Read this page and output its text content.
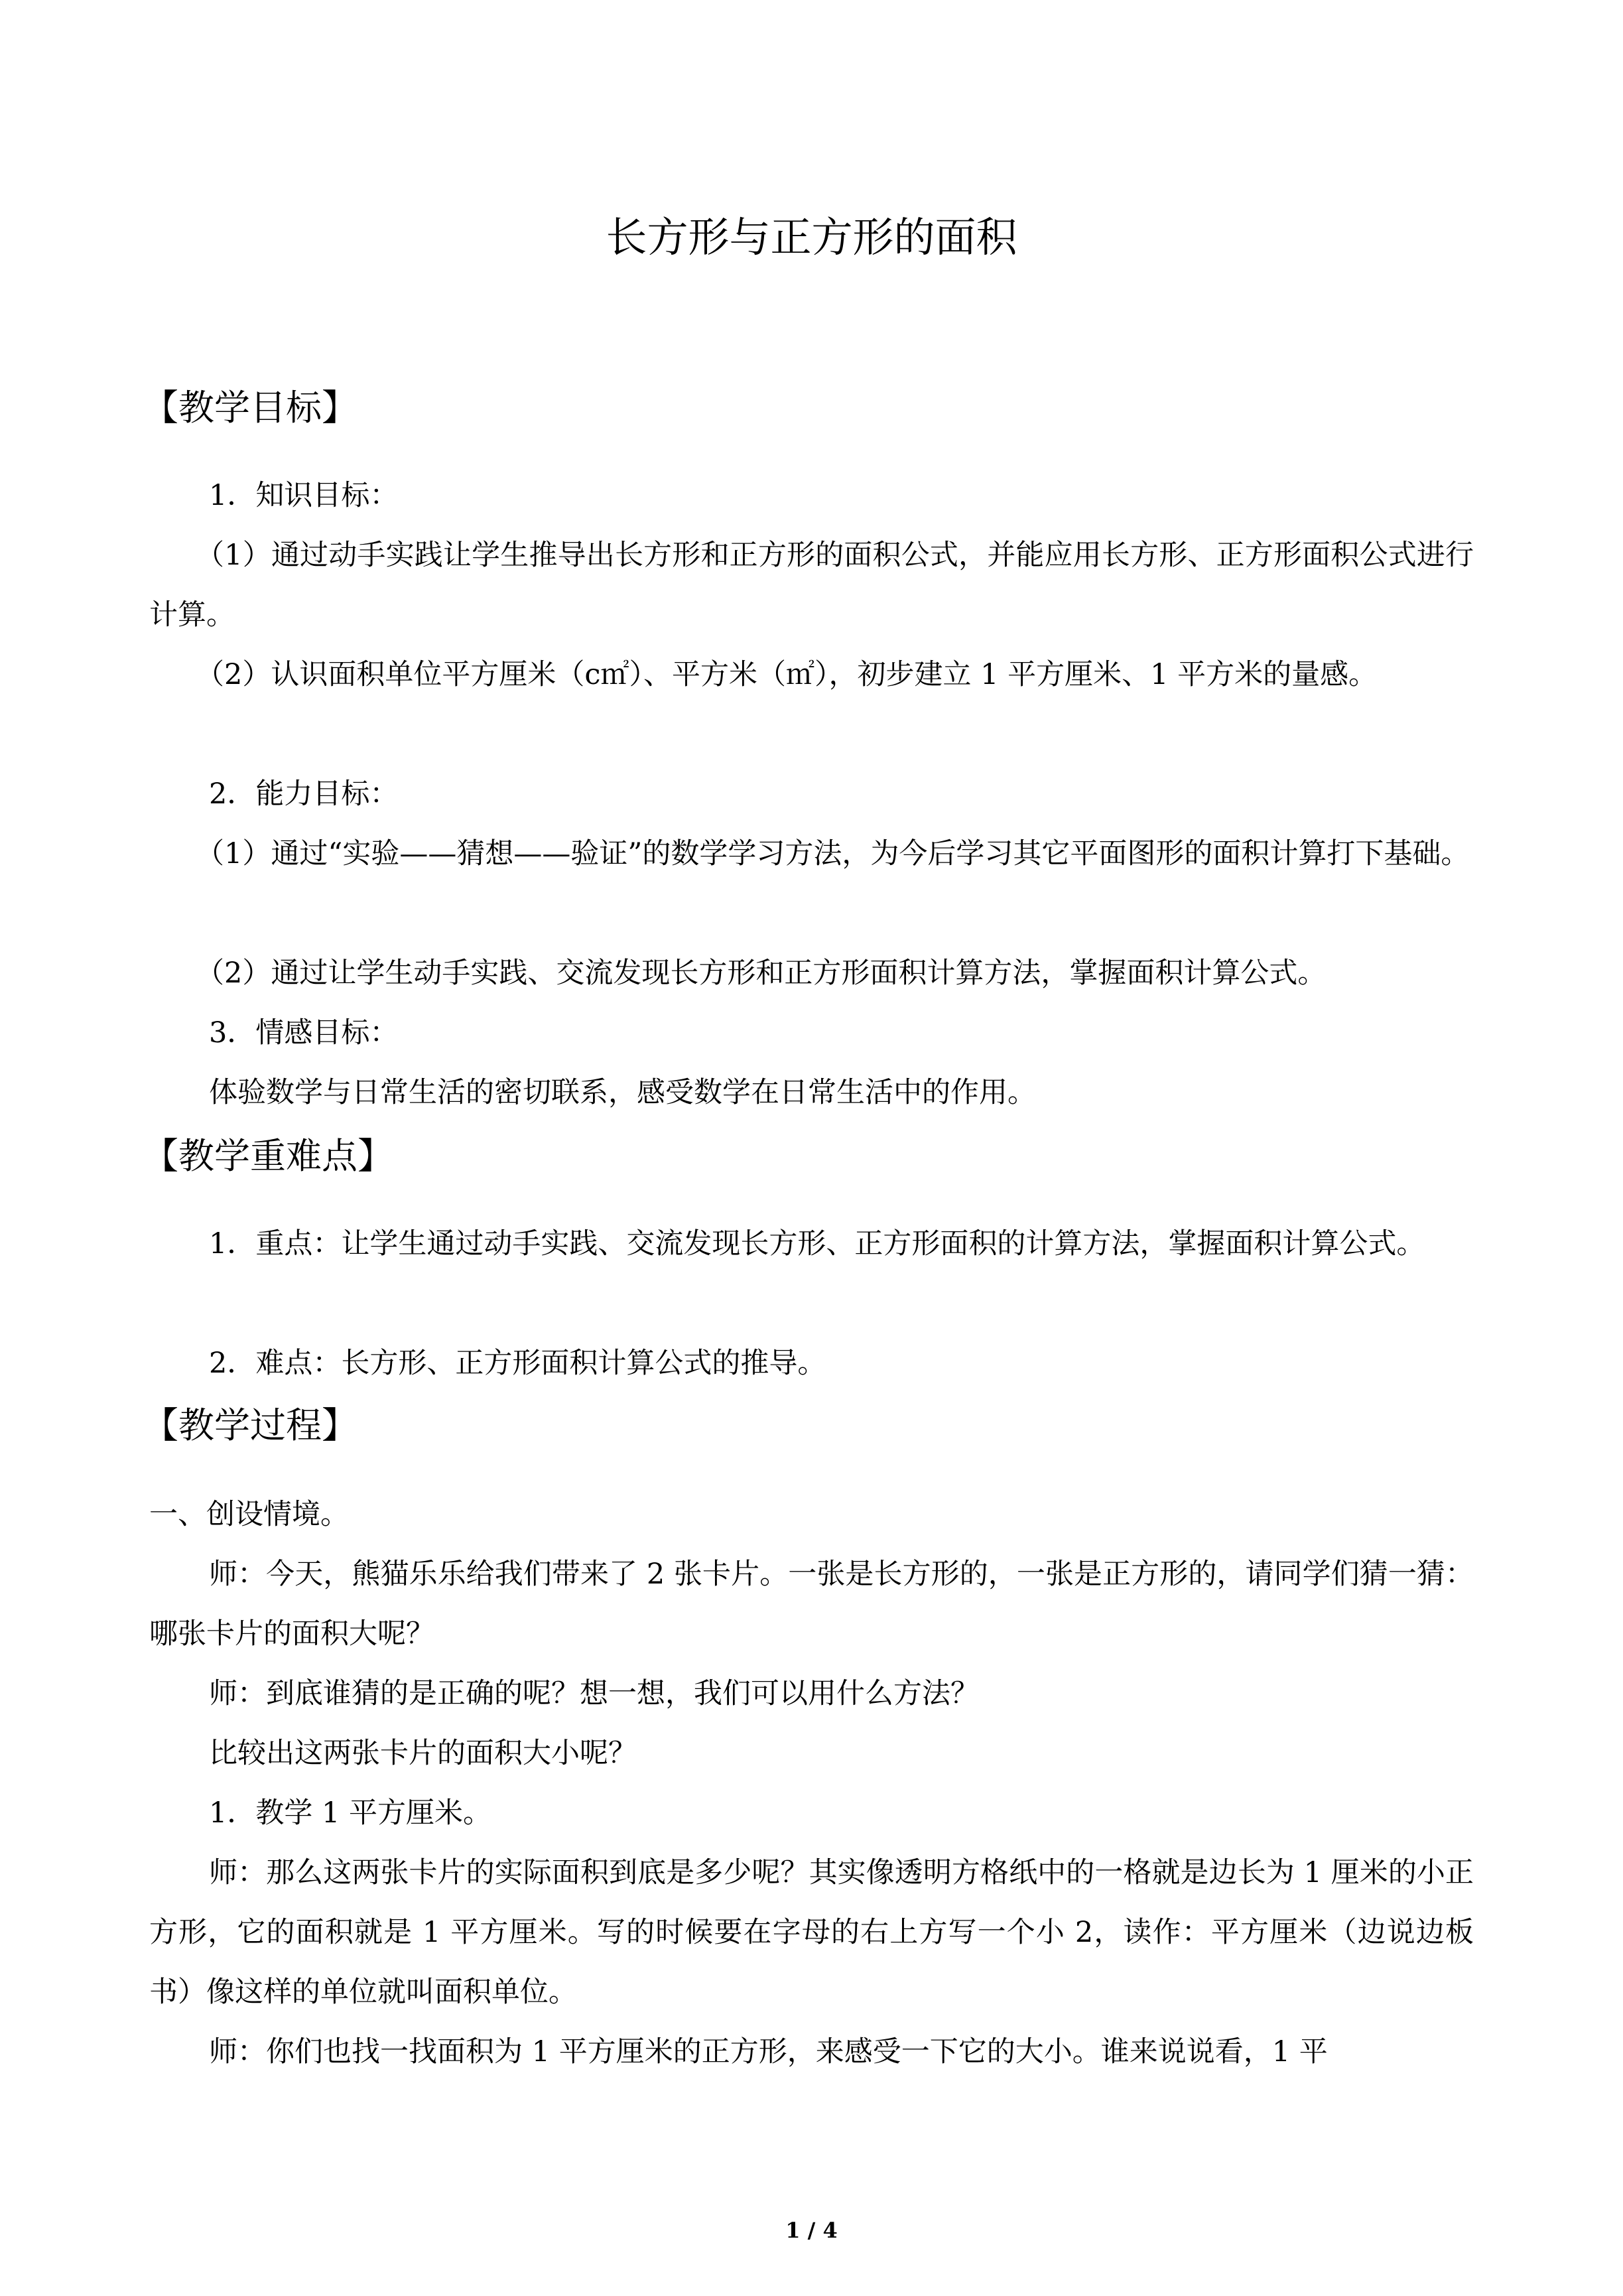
长方形与正方形的面积
【教学目标】
1．知识目标：
（1）通过动手实践让学生推导出长方形和正方形的面积公式，并能应用长方形、正方形面积公式进行计算。
（2）认识面积单位平方厘米（c㎡）、平方米（㎡），初步建立 1 平方厘米、1 平方米的量感。
2．能力目标：
（1）通过“实验——猜想——验证”的数学学习方法，为今后学习其它平面图形的面积计算打下基础。
（2）通过让学生动手实践、交流发现长方形和正方形面积计算方法，掌握面积计算公式。
3．情感目标：
体验数学与日常生活的密切联系，感受数学在日常生活中的作用。
【教学重难点】
1．重点：让学生通过动手实践、交流发现长方形、正方形面积的计算方法，掌握面积计算公式。
2．难点：长方形、正方形面积计算公式的推导。
【教学过程】
一、创设情境。
师：今天，熊猫乐乐给我们带来了 2 张卡片。一张是长方形的，一张是正方形的，请同学们猜一猜：哪张卡片的面积大呢？
师：到底谁猜的是正确的呢？想一想，我们可以用什么方法？
比较出这两张卡片的面积大小呢？
1．教学 1 平方厘米。
师：那么这两张卡片的实际面积到底是多少呢？其实像透明方格纸中的一格就是边长为 1 厘米的小正方形，它的面积就是 1 平方厘米。写的时候要在字母的右上方写一个小 2，读作：平方厘米（边说边板书）像这样的单位就叫面积单位。
师：你们也找一找面积为 1 平方厘米的正方形，来感受一下它的大小。谁来说说看，1 平
1 / 4
